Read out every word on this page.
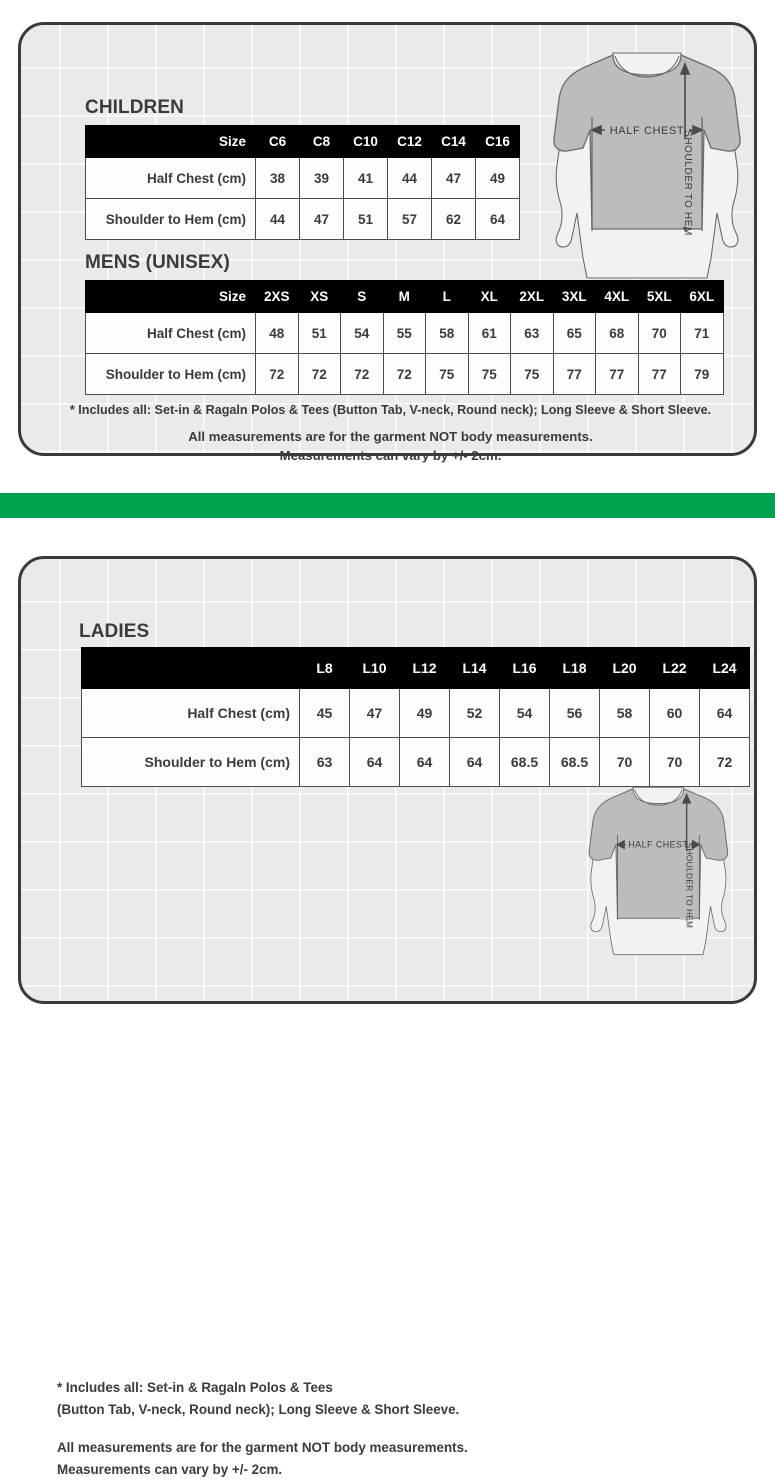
CHILDREN
Size	C6	C8	C10	C12	C14	C16
Half Chest (cm)	38	39	41	44	47	49
Shoulder to Hem (cm)	44	47	51	57	62	64
MENS (UNISEX)
Size	2XS	XS	S	M	L	XL	2XL	3XL	4XL	5XL	6XL
Half Chest (cm)	48	51	54	55	58	61	63	65	68	70	71
Shoulder to Hem (cm)	72	72	72	72	75	75	75	77	77	77	79
* Includes all: Set-in & Ragaln Polos & Tees (Button Tab, V-neck, Round neck); Long Sleeve & Short Sleeve.
All measurements are for the garment NOT body measurements.
Measurements can vary by +/- 2cm.
HALF CHEST
SHOULDER TO HEM
LADIES
	L8	L10	L12	L14	L16	L18	L20	L22	L24
Half Chest (cm)	45	47	49	52	54	56	58	60	64
Shoulder to Hem (cm)	63	64	64	64	68.5	68.5	70	70	72
* Includes all: Set-in & Ragaln Polos & Tees
(Button Tab, V-neck, Round neck); Long Sleeve & Short Sleeve.
All measurements are for the garment NOT body measurements.
Measurements can vary by +/- 2cm.
HALF CHEST
SHOULDER TO HEM
